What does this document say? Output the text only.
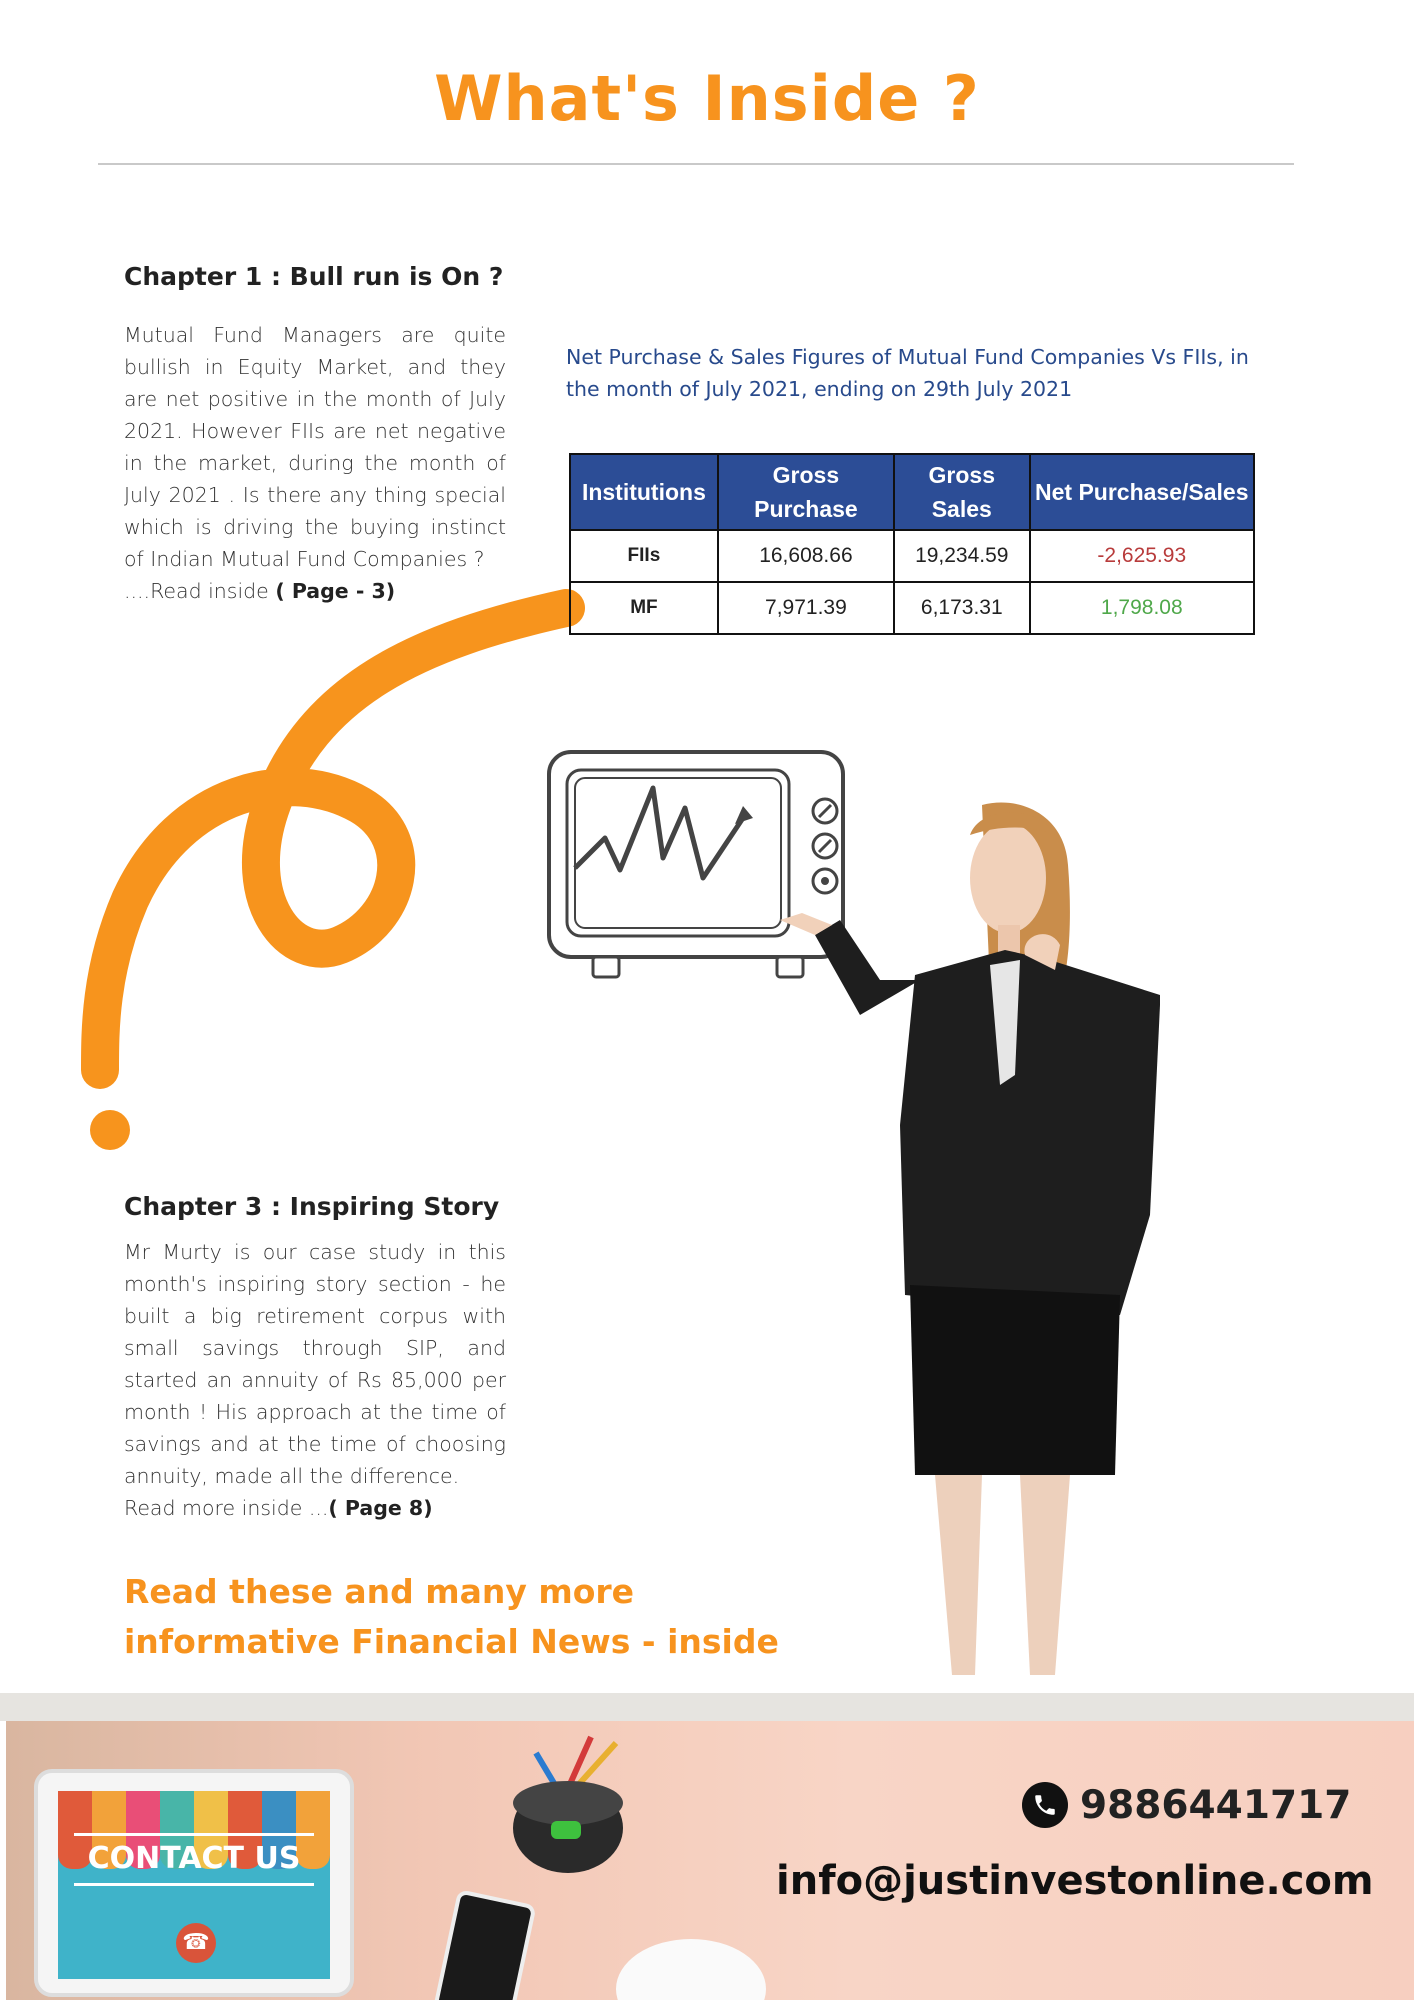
What's Inside ?
Chapter 1 : Bull run is On ?
Mutual Fund Managers are quite bullish in Equity Market, and they are net positive in the month of July 2021. However FIIs are net negative in the market, during the month of July 2021 . Is there any thing special which is driving the buying instinct of Indian Mutual Fund Companies ?
....Read inside ( Page - 3)
Net Purchase & Sales Figures of Mutual Fund Companies Vs FIIs, in the month of July 2021, ending on 29th July 2021
Institutions	Gross Purchase	Gross Sales	Net Purchase/Sales
FIIs	16,608.66	19,234.59	-2,625.93
MF	7,971.39	6,173.31	1,798.08
Chapter 3 : Inspiring Story
Mr Murty is our case study in this month's inspiring story section - he built a big retirement corpus with small savings through SIP, and started an annuity of Rs 85,000 per month ! His approach at the time of savings and at the time of choosing annuity, made all the difference.
Read more inside ...( Page 8)
Read these and many more
informative Financial News - inside
CONTACT US
☎
9886441717
info@justinvestonline.com
